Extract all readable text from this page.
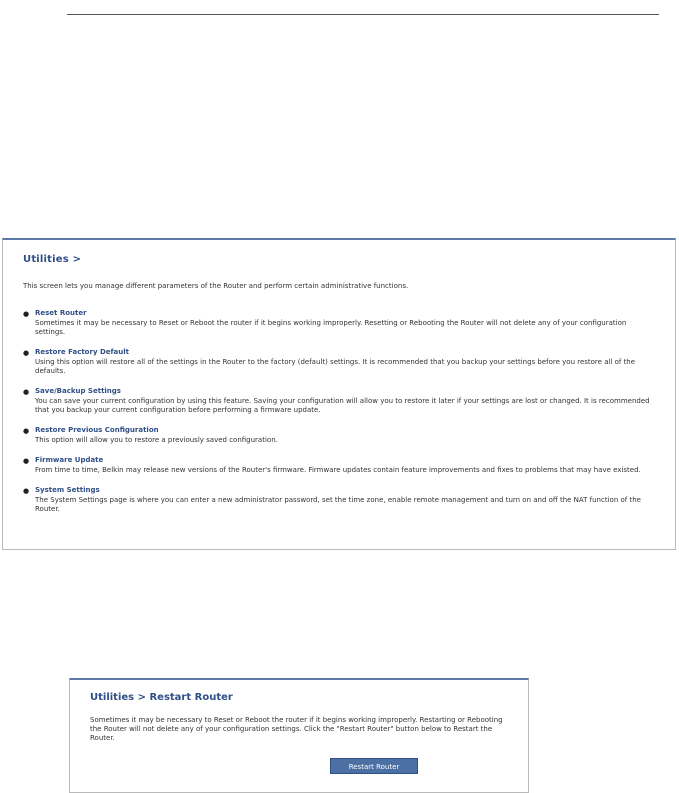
Utilities >
This screen lets you manage different parameters of the Router and perform certain administrative functions.
● Reset Router
Sometimes it may be necessary to Reset or Reboot the router if it begins working improperly. Resetting or Rebooting the Router will not delete any of your configuration settings.
● Restore Factory Default
Using this option will restore all of the settings in the Router to the factory (default) settings. It is recommended that you backup your settings before you restore all of the defaults.
● Save/Backup Settings
You can save your current configuration by using this feature. Saving your configuration will allow you to restore it later if your settings are lost or changed. It is recommended that you backup your current configuration before performing a firmware update.
● Restore Previous Configuration
This option will allow you to restore a previously saved configuration.
● Firmware Update
From time to time, Belkin may release new versions of the Router's firmware. Firmware updates contain feature improvements and fixes to problems that may have existed.
● System Settings
The System Settings page is where you can enter a new administrator password, set the time zone, enable remote management and turn on and off the NAT function of the Router.
Utilities > Restart Router
Sometimes it may be necessary to Reset or Reboot the router if it begins working improperly. Restarting or Rebooting the Router will not delete any of your configuration settings. Click the "Restart Router" button below to Restart the Router.
Restart Router
